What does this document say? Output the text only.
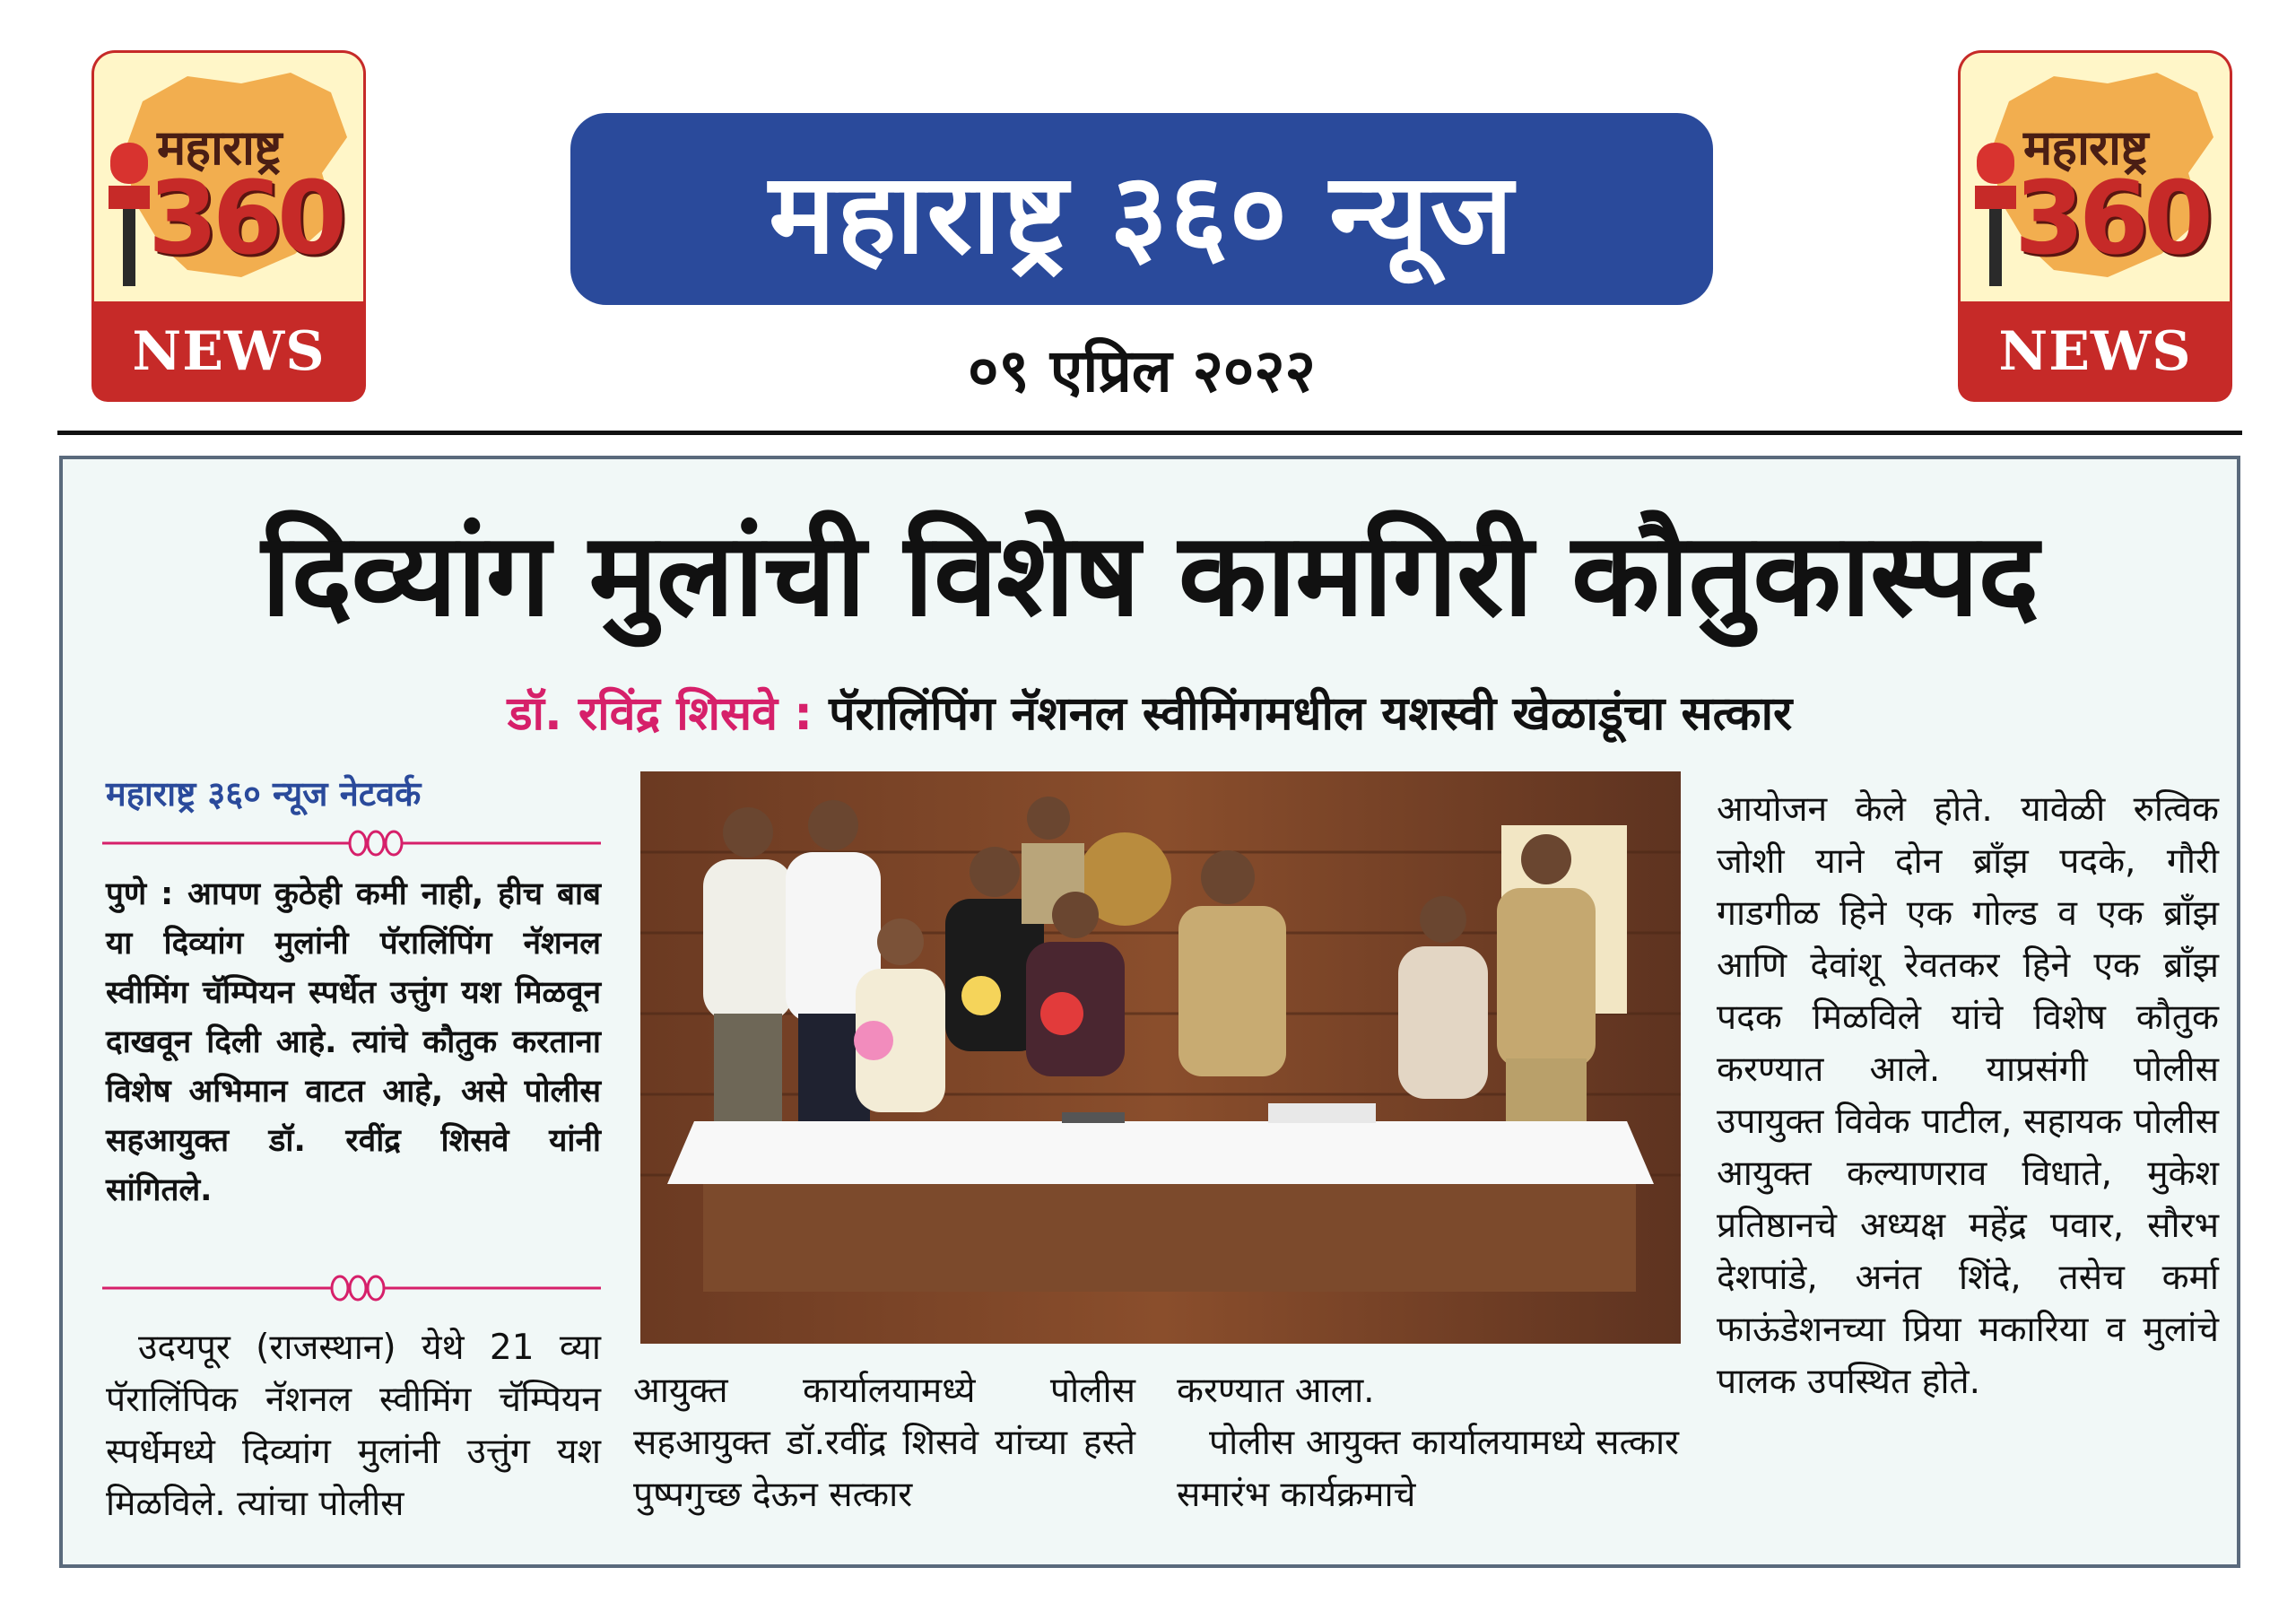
महाराष्ट्र
360
NEWS
महाराष्ट्र
360
NEWS
महाराष्ट्र ३६० न्यूज
०९ एप्रिल २०२२
दिव्यांग मुलांची विशेष कामगिरी कौतुकास्पद
डॉ. रविंद्र शिसवे : पॅरालिंपिंग नॅशनल स्वीमिंगमधील यशस्वी खेळाडूंचा सत्कार
महाराष्ट्र ३६० न्यूज नेटवर्क
पुणे : आपण कुठेही कमी नाही, हीच बाब या दिव्यांग मुलांनी पॅरालिंपिंग नॅशनल स्वीमिंग चॅम्पियन स्पर्धेत उत्तुंग यश मिळवून दाखवून दिली आहे. त्यांचे कौतुक करताना विशेष अभिमान वाटत आहे, असे पोलीस सहआयुक्त डॉ. रवींद्र शिसवे यांनी सांगितले.
उदयपूर (राजस्थान) येथे 21 व्या पॅरालिंपिक नॅशनल स्वीमिंग चॅम्पियन स्पर्धेमध्ये दिव्यांग मुलांनी उत्तुंग यश मिळविले. त्यांचा पोलीस
आयुक्त कार्यालयामध्ये पोलीस सहआयुक्त डॉ.रवींद्र शिसवे यांच्या हस्ते पुष्पगुच्छ देऊन सत्कार
करण्यात आला.
पोलीस आयुक्त कार्यालयामध्ये सत्कार समारंभ कार्यक्रमाचे
आयोजन केले होते. यावेळी रुत्विक जोशी याने दोन ब्रॉंझ पदके, गौरी गाडगीळ हिने एक गोल्ड व एक ब्रॉंझ आणि देवांशू रेवतकर हिने एक ब्रॉंझ पदक मिळविले यांचे विशेष कौतुक करण्यात आले. याप्रसंगी पोलीस उपायुक्त विवेक पाटील, सहायक पोलीस आयुक्त कल्याणराव विधाते, मुकेश प्रतिष्ठानचे अध्यक्ष महेंद्र पवार, सौरभ देशपांडे, अनंत शिंदे, तसेच कर्मा फाऊंडेशनच्या प्रिया मकारिया व मुलांचे पालक उपस्थित होते.
